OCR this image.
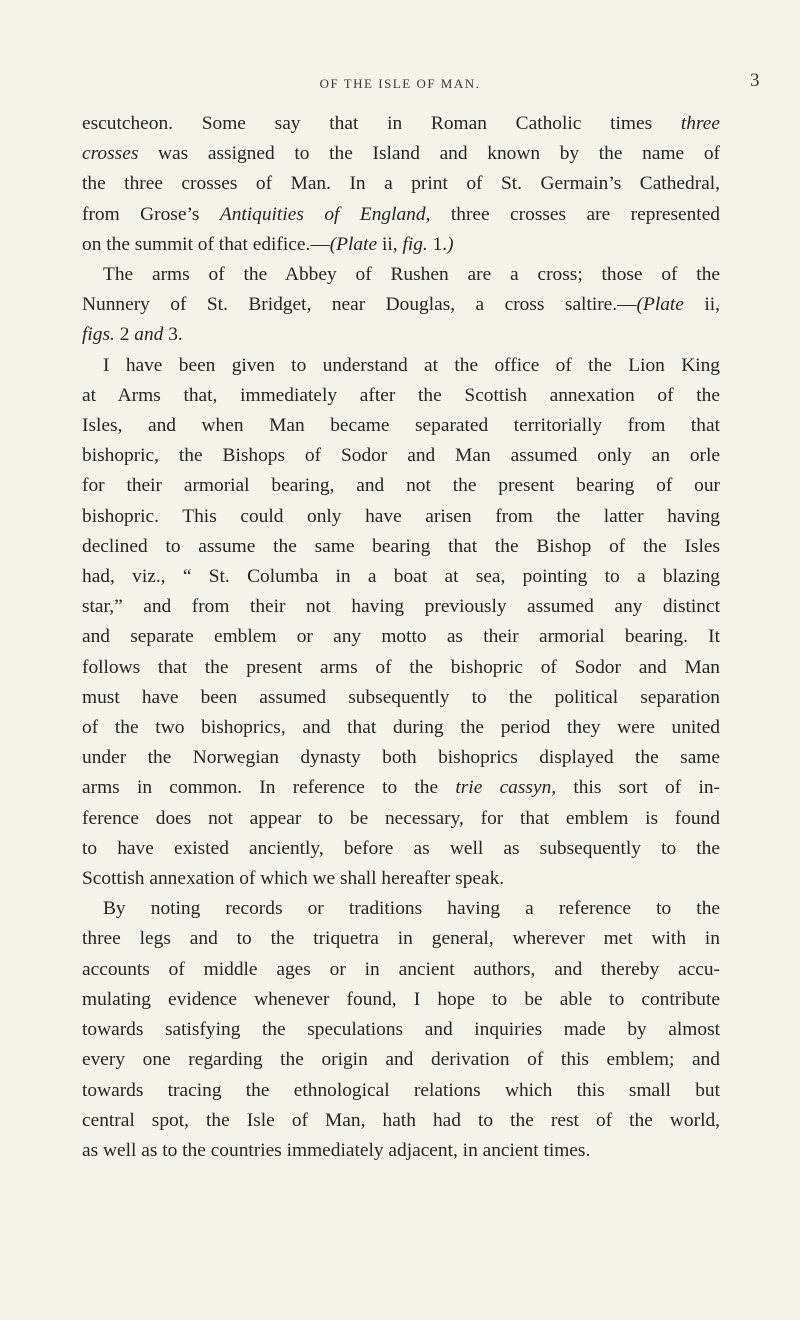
OF THE ISLE OF MAN.	3
escutcheon. Some say that in Roman Catholic times three
crosses was assigned to the Island and known by the name of
the three crosses of Man. In a print of St. Germain’s Cathedral,
from Grose’s Antiquities of England, three crosses are represented
on the summit of that edifice.—(Plate ii, fig. 1.)
The arms of the Abbey of Rushen are a cross; those of the
Nunnery of St. Bridget, near Douglas, a cross saltire.—(Plate ii,
figs. 2 and 3.
I have been given to understand at the office of the Lion King
at Arms that, immediately after the Scottish annexation of the
Isles, and when Man became separated territorially from that
bishopric, the Bishops of Sodor and Man assumed only an orle
for their armorial bearing, and not the present bearing of our
bishopric. This could only have arisen from the latter having
declined to assume the same bearing that the Bishop of the Isles
had, viz., “ St. Columba in a boat at sea, pointing to a blazing
star,” and from their not having previously assumed any distinct
and separate emblem or any motto as their armorial bearing. It
follows that the present arms of the bishopric of Sodor and Man
must have been assumed subsequently to the political separation
of the two bishoprics, and that during the period they were united
under the Norwegian dynasty both bishoprics displayed the same
arms in common. In reference to the trie cassyn, this sort of in-
ference does not appear to be necessary, for that emblem is found
to have existed anciently, before as well as subsequently to the
Scottish annexation of which we shall hereafter speak.
By noting records or traditions having a reference to the
three legs and to the triquetra in general, wherever met with in
accounts of middle ages or in ancient authors, and thereby accu-
mulating evidence whenever found, I hope to be able to contribute
towards satisfying the speculations and inquiries made by almost
every one regarding the origin and derivation of this emblem; and
towards tracing the ethnological relations which this small but
central spot, the Isle of Man, hath had to the rest of the world,
as well as to the countries immediately adjacent, in ancient times.
